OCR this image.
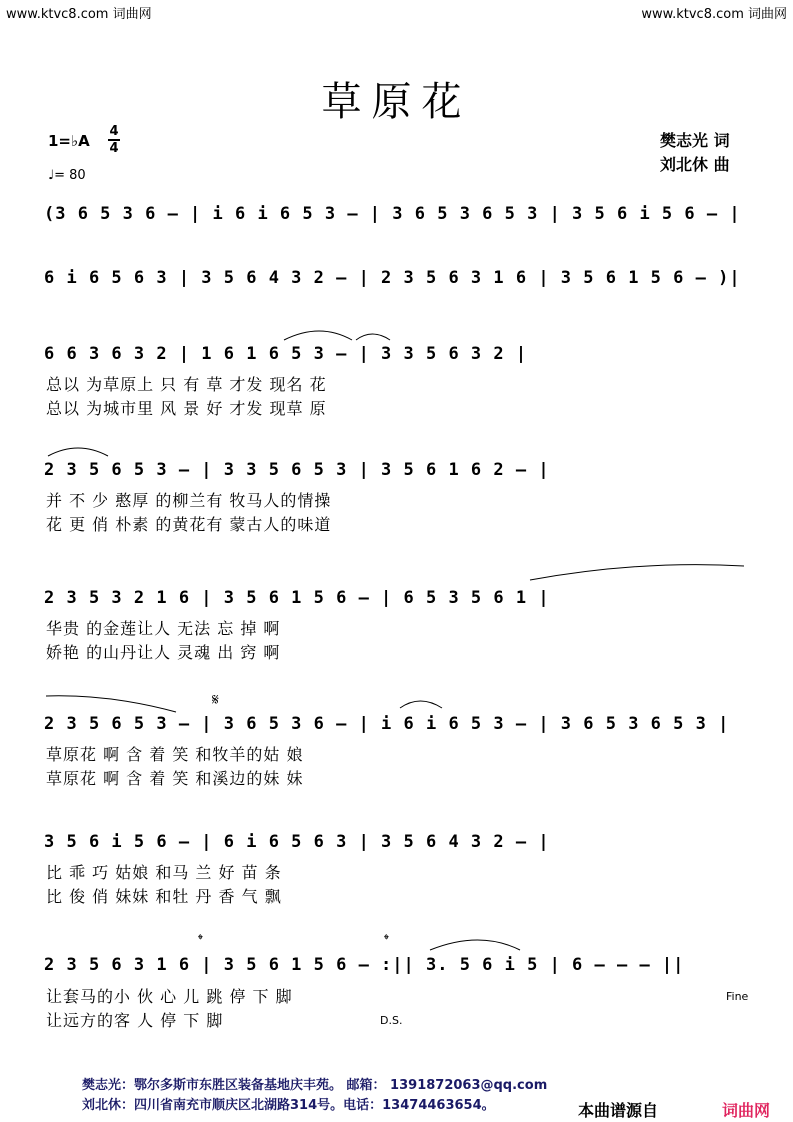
www.ktvc8.com 词曲网	www.ktvc8.com 词曲网
草原花
1=♭A
4
4
♩= 80
樊志光 词
刘北休 曲
(3 6 5 3 6 – | i 6 i 6 5 3 – | 3 6 5 3 6 5 3 | 3 5 6 i 5 6 – |
6 i 6 5 6 3 | 3 5 6 4 3 2 – | 2 3 5 6 3 1 6 | 3 5 6 1 5 6 – )|
6 6 3 6 3 2 | 1 6 1 6 5 3 – | 3 3 5 6 3 2 |
总以 为草原上 只 有 草 才发 现名 花
总以 为城市里 风 景 好 才发 现草 原
2 3 5 6 5 3 – | 3 3 5 6 5 3 | 3 5 6 1 6 2 – |
并 不 少 憨厚 的柳兰有 牧马人的情操
花 更 俏 朴素 的黄花有 蒙古人的味道
2 3 5 3 2 1 6 | 3 5 6 1 5 6 – | 6 5 3 5 6 1 |
华贵 的金莲让人 无法 忘 掉 啊
娇艳 的山丹让人 灵魂 出 窍 啊
𝄋
2 3 5 6 5 3 – | 3 6 5 3 6 – | i 6 i 6 5 3 – | 3 6 5 3 6 5 3 |
草原花 啊 含 着 笑 和牧羊的姑 娘
草原花 啊 含 着 笑 和溪边的妹 妹
3 5 6 i 5 6 – | 6 i 6 5 6 3 | 3 5 6 4 3 2 – |
比 乖 巧 姑娘 和马 兰 好 苗 条
比 俊 俏 妹妹 和牡 丹 香 气 飘
𝄌	𝄌
2 3 5 6 3 1 6 | 3 5 6 1 5 6 – :|| 3. 5 6 i 5 | 6 – – – ||
让套马的小 伙 心 儿 跳 停 下 脚
让远方的客 人 停 下 脚	D.S.
Fine
樊志光：鄂尔多斯市东胜区装备基地庆丰苑。 邮箱： 1391872063@qq.com
刘北休：四川省南充市顺庆区北湖路314号。电话：13474463654。	本曲谱源自	词曲网
